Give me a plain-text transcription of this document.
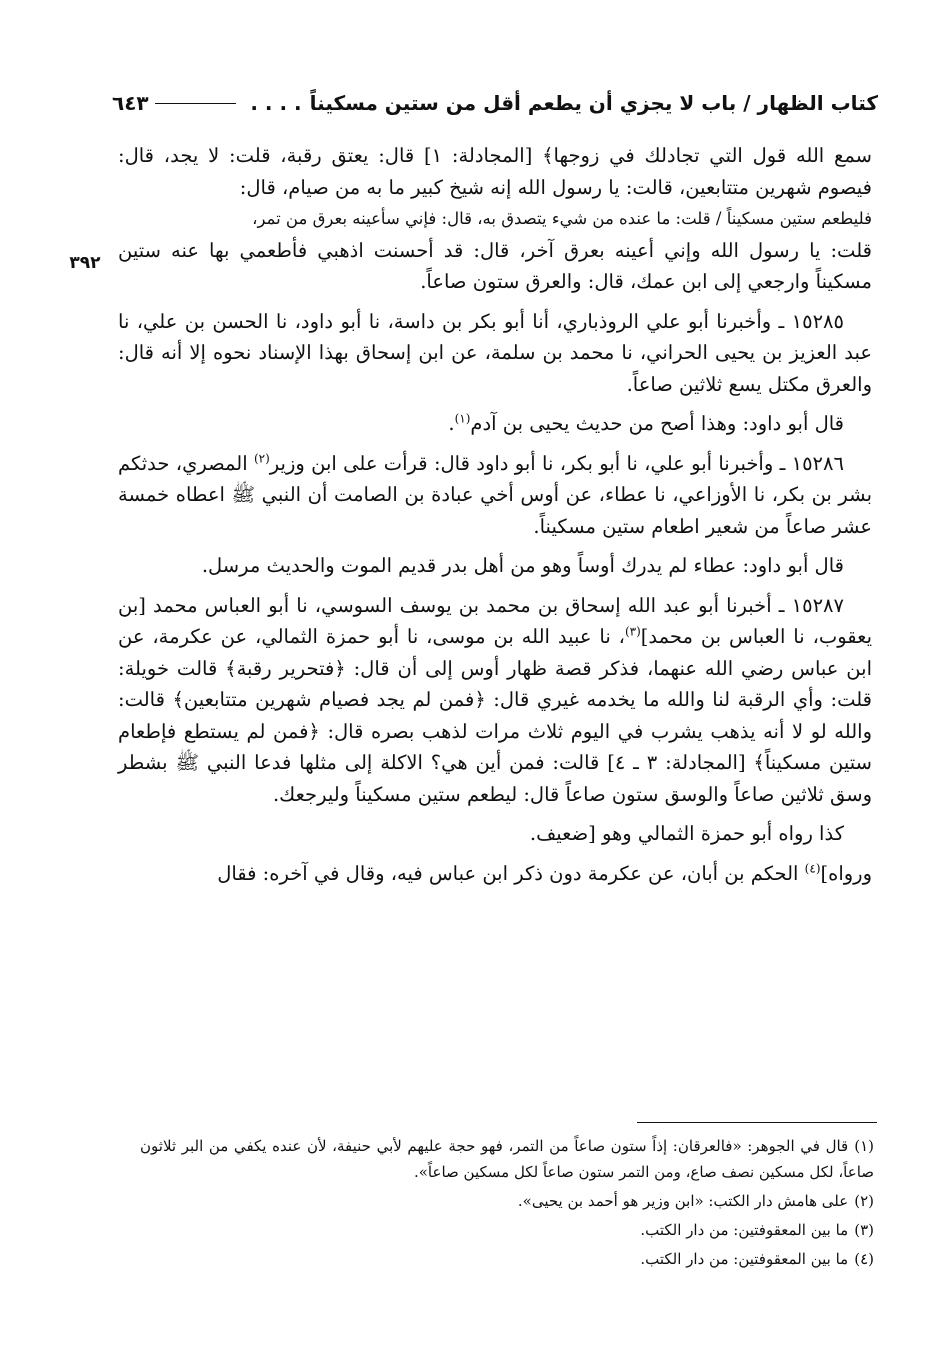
كتاب الظهار / باب لا يجزي أن يطعم أقل من ستين مسكيناً
. . . .
٦٤٣
٣٩٢

سمع الله قول التي تجادلك في زوجها﴾ [المجادلة: ١] قال: يعتق رقبة، قلت: لا يجد، قال: فيصوم شهرين متتابعين، قالت: يا رسول الله إنه شيخ كبير ما به من صيام، قال:

فليطعم ستين مسكيناً / قلت: ما عنده من شيء يتصدق به، قال: فإني سأعينه بعرق من تمر،

قلت: يا رسول الله وإني أعينه بعرق آخر، قال: قد أحسنت اذهبي فأطعمي بها عنه ستين مسكيناً وارجعي إلى ابن عمك، قال: والعرق ستون صاعاً.

١٥٢٨٥ ـ وأخبرنا أبو علي الروذباري، أنا أبو بكر بن داسة، نا أبو داود، نا الحسن بن علي، نا عبد العزيز بن يحيى الحراني، نا محمد بن سلمة، عن ابن إسحاق بهذا الإسناد نحوه إلا أنه قال: والعرق مكتل يسع ثلاثين صاعاً.

قال أبو داود: وهذا أصح من حديث يحيى بن آدم$^{(١)}$.

١٥٢٨٦ ـ وأخبرنا أبو علي، نا أبو بكر، نا أبو داود قال: قرأت على ابن وزير$^{(٢)}$ المصري، حدثكم بشر بن بكر، نا الأوزاعي، نا عطاء، عن أوس أخي عبادة بن الصامت أن النبي ﷺ اعطاه خمسة عشر صاعاً من شعير اطعام ستين مسكيناً.

قال أبو داود: عطاء لم يدرك أوساً وهو من أهل بدر قديم الموت والحديث مرسل.

١٥٢٨٧ ـ أخبرنا أبو عبد الله إسحاق بن محمد بن يوسف السوسي، نا أبو العباس محمد [بن يعقوب، نا العباس بن محمد]$^{(٣)}$، نا عبيد الله بن موسى، نا أبو حمزة الثمالي، عن عكرمة، عن ابن عباس رضي الله عنهما، فذكر قصة ظهار أوس إلى أن قال: ﴿فتحرير رقبة﴾ قالت خويلة: قلت: وأي الرقبة لنا والله ما يخدمه غيري قال: ﴿فمن لم يجد فصيام شهرين متتابعين﴾ قالت: والله لو لا أنه يذهب يشرب في اليوم ثلاث مرات لذهب بصره قال: ﴿فمن لم يستطع فإطعام ستين مسكيناً﴾ [المجادلة: ٣ ـ ٤] قالت: فمن أين هي؟ الاكلة إلى مثلها فدعا النبي ﷺ بشطر وسق ثلاثين صاعاً والوسق ستون صاعاً قال: ليطعم ستين مسكيناً وليرجعك.

كذا رواه أبو حمزة الثمالي وهو [ضعيف.

ورواه]$^{(٤)}$ الحكم بن أبان، عن عكرمة دون ذكر ابن عباس فيه، وقال في آخره: فقال

(١)قال في الجوهر: «فالعرقان: إذاً ستون صاعاً من التمر، فهو حجة عليهم لأبي حنيفة، لأن عنده يكفي من البر ثلاثون صاعاً، لكل مسكين نصف صاع، ومن التمر ستون صاعاً لكل مسكين صاعاً».

(٢)على هامش دار الكتب: «ابن وزير هو أحمد بن يحيى».

(٣)ما بين المعقوفتين: من دار الكتب.

(٤)ما بين المعقوفتين: من دار الكتب.
